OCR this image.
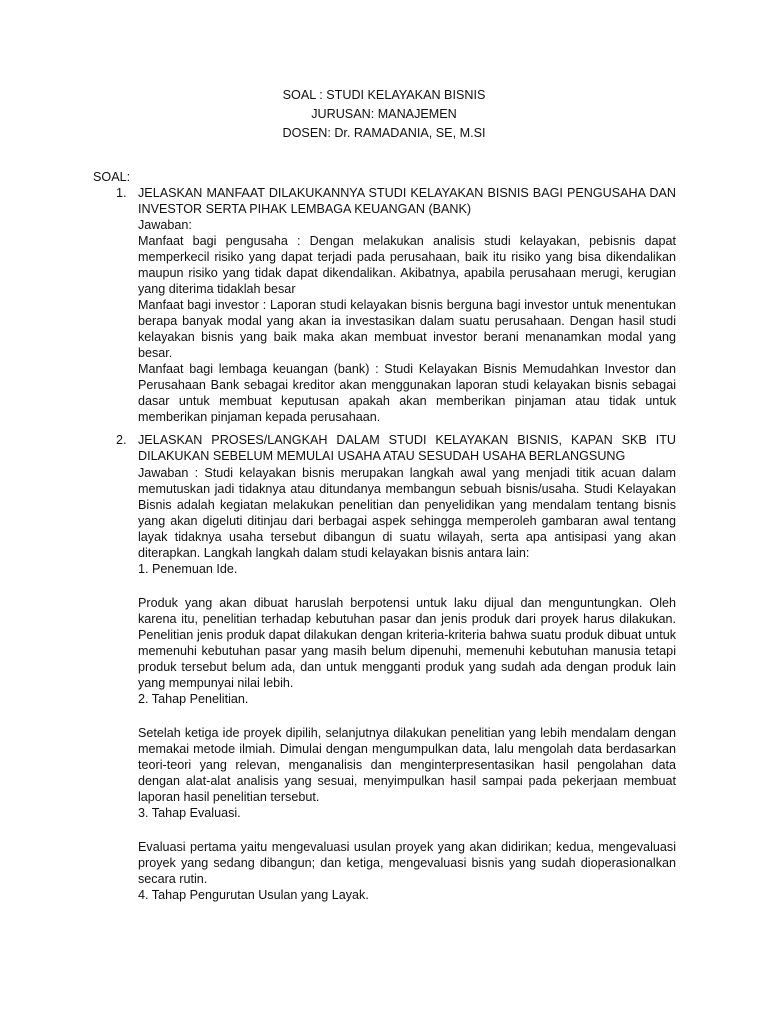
SOAL : STUDI KELAYAKAN BISNIS
JURUSAN: MANAJEMEN
DOSEN: Dr. RAMADANIA, SE, M.SI
SOAL:
1. JELASKAN MANFAAT DILAKUKANNYA STUDI KELAYAKAN BISNIS BAGI PENGUSAHA DAN INVESTOR SERTA PIHAK LEMBAGA KEUANGAN (BANK)
Jawaban:

Manfaat bagi pengusaha : Dengan melakukan analisis studi kelayakan, pebisnis dapat memperkecil risiko yang dapat terjadi pada perusahaan, baik itu risiko yang bisa dikendalikan maupun risiko yang tidak dapat dikendalikan. Akibatnya, apabila perusahaan merugi, kerugian yang diterima tidaklah besar

Manfaat bagi investor : Laporan studi kelayakan bisnis berguna bagi investor untuk menentukan berapa banyak modal yang akan ia investasikan dalam suatu perusahaan. Dengan hasil studi kelayakan bisnis yang baik maka akan membuat investor berani menanamkan modal yang besar.

Manfaat bagi lembaga keuangan (bank) : Studi Kelayakan Bisnis Memudahkan Investor dan Perusahaan Bank sebagai kreditor akan menggunakan laporan studi kelayakan bisnis sebagai dasar untuk membuat keputusan apakah akan memberikan pinjaman atau tidak untuk memberikan pinjaman kepada perusahaan.

2. JELASKAN PROSES/LANGKAH DALAM STUDI KELAYAKAN BISNIS, KAPAN SKB ITU DILAKUKAN SEBELUM MEMULAI USAHA ATAU SESUDAH USAHA BERLANGSUNG

Jawaban : Studi kelayakan bisnis merupakan langkah awal yang menjadi titik acuan dalam memutuskan jadi tidaknya atau ditundanya membangun sebuah bisnis/usaha. Studi Kelayakan Bisnis adalah kegiatan melakukan penelitian dan penyelidikan yang mendalam tentang bisnis yang akan digeluti ditinjau dari berbagai aspek sehingga memperoleh gambaran awal tentang layak tidaknya usaha tersebut dibangun di suatu wilayah, serta apa antisipasi yang akan diterapkan. Langkah langkah dalam studi kelayakan bisnis antara lain:

1. Penemuan Ide.

Produk yang akan dibuat haruslah berpotensi untuk laku dijual dan menguntungkan. Oleh karena itu, penelitian terhadap kebutuhan pasar dan jenis produk dari proyek harus dilakukan. Penelitian jenis produk dapat dilakukan dengan kriteria-kriteria bahwa suatu produk dibuat untuk memenuhi kebutuhan pasar yang masih belum dipenuhi, memenuhi kebutuhan manusia tetapi produk tersebut belum ada, dan untuk mengganti produk yang sudah ada dengan produk lain yang mempunyai nilai lebih.

2. Tahap Penelitian.

Setelah ketiga ide proyek dipilih, selanjutnya dilakukan penelitian yang lebih mendalam dengan memakai metode ilmiah. Dimulai dengan mengumpulkan data, lalu mengolah data berdasarkan teori-teori yang relevan, menganalisis dan menginterpresentasikan hasil pengolahan data dengan alat-alat analisis yang sesuai, menyimpulkan hasil sampai pada pekerjaan membuat laporan hasil penelitian tersebut.

3. Tahap Evaluasi.

Evaluasi pertama yaitu mengevaluasi usulan proyek yang akan didirikan; kedua, mengevaluasi proyek yang sedang dibangun; dan ketiga, mengevaluasi bisnis yang sudah dioperasionalkan secara rutin.

4. Tahap Pengurutan Usulan yang Layak.
